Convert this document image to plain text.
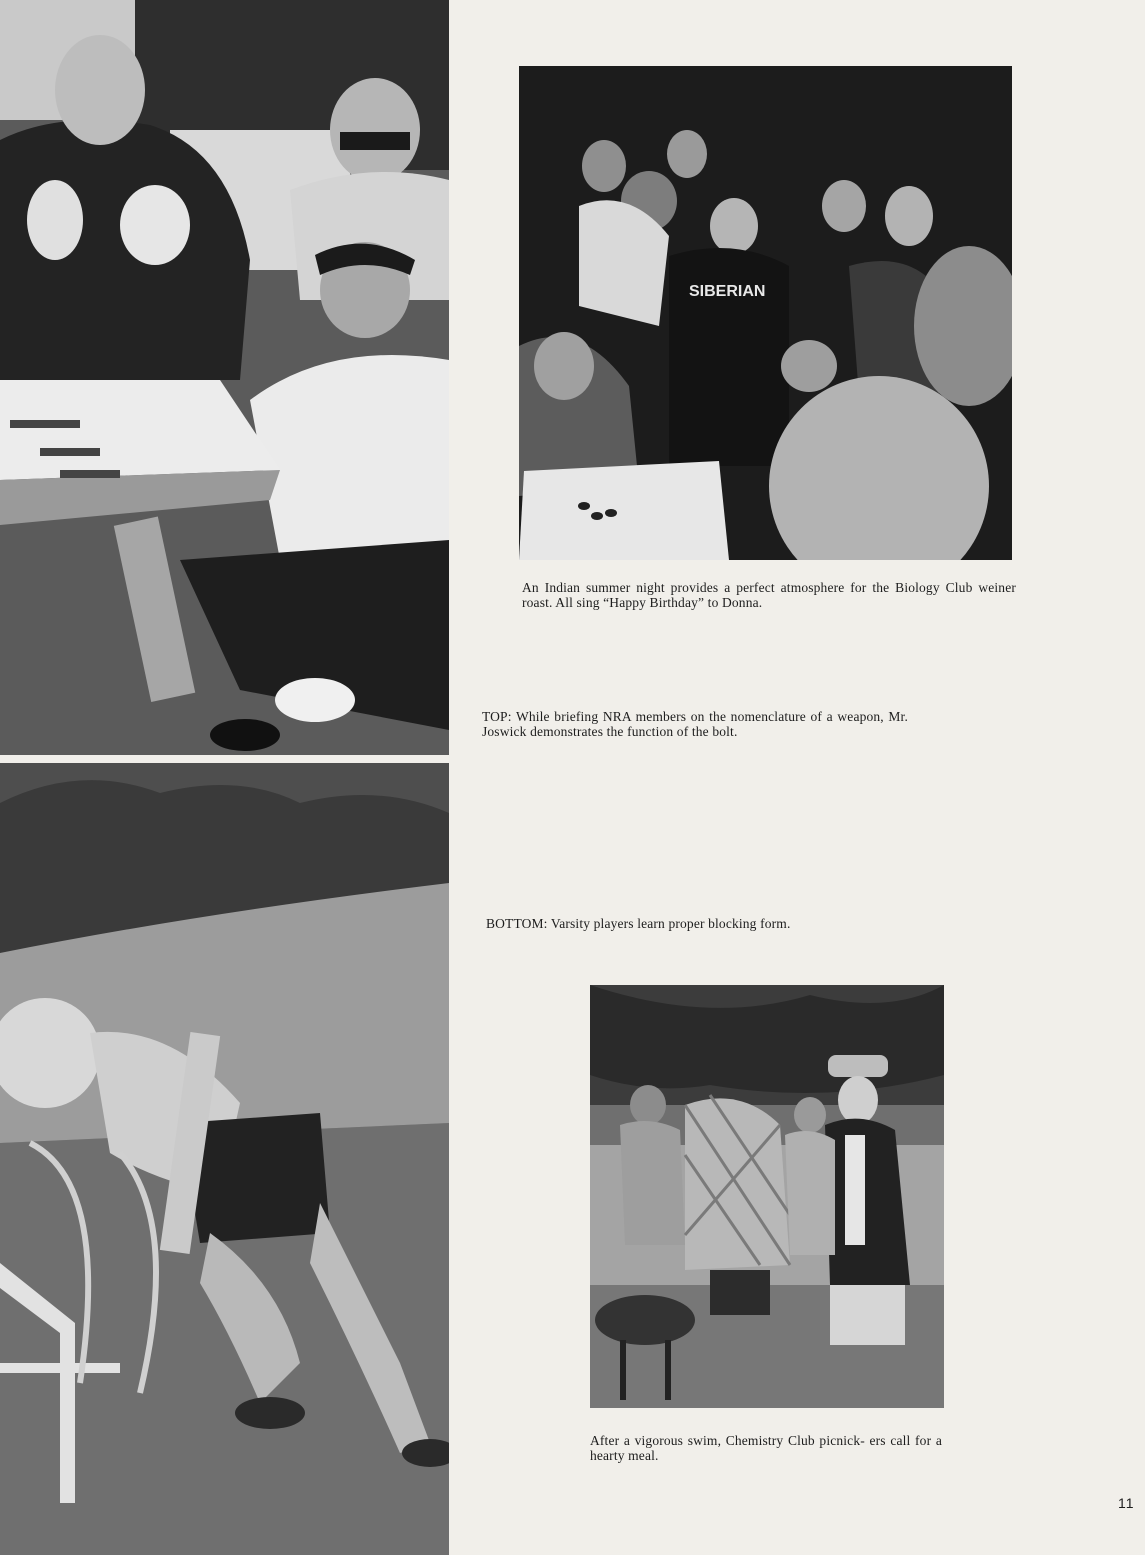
SIBERIAN
An Indian summer night provides a perfect atmosphere for the Biology Club weiner roast. All sing “Happy Birthday” to Donna.
TOP: While briefing NRA members on the nomenclature of a weapon, Mr. Joswick demonstrates the function of the bolt.
BOTTOM: Varsity players learn proper blocking form.
After a vigorous swim, Chemistry Club picnick- ers call for a hearty meal.
11
